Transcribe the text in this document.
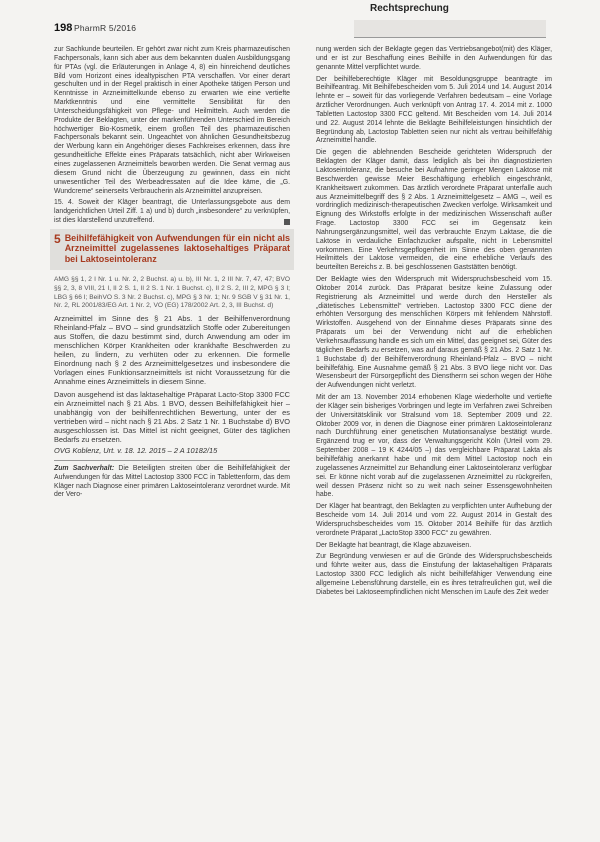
198 PharmR 5/2016
Rechtsprechung

zur Sachkunde beurteilen. Er gehört zwar nicht zum Kreis pharmazeutischen Fachpersonals, kann sich aber aus dem bekannten dualen Ausbildungsgang für PTAs (vgl. die Erläuterungen in Anlage 4, 8) ein hinreichend deutliches Bild vom Horizont eines idealtypischen PTA verschaffen. Vor einer derart geschulten und in der Regel praktisch in einer Apotheke tätigen Person und Kenntnisse in Arzneimittelkunde ebenso zu erwarten wie eine vertiefte Marktkenntnis und eine vermittelte Sensibilität für den Unterscheidungsfähigkeit von Pflege- und Heilmitteln. Auch werden die Produkte der Beklagten, unter der markenführenden Unterschied im Bereich höchwertiger Bio-Kosmetik, einem großen Teil des pharmazeutischen Fachpersonals bekannt sein. Ungeachtet von ähnlichen Gesundheitsbezug der Werbung kann ein Angehöriger dieses Fachkreises erkennen, dass ihre gesundheitliche Effekte eines Präparats tatsächlich, nicht aber Wirkweisen eines zugelassenen Arzneimittels beworben werden. Die Senat vermag aus diesem Grund nicht die Überzeugung zu gewinnen, dass ein nicht unwesentlicher Teil des Werbeadressaten auf die Idee käme, die „G. Wundcreme“ seinerseits Verbraucherin als Arzneimittel anzupreisen.

15. 4. Soweit der Kläger beantragt, die Unterlassungsgebote aus dem landgerichtlichen Urteil Ziff. 1 a) und b) durch „insbesondere“ zu verknüpfen, ist dies klarstellend unzutreffend.

5 Beihilfefähigkeit von Aufwendungen für ein nicht als Arzneimittel zugelassenes laktosehaltiges Präparat bei Laktoseintoleranz

AMG §§ 1, 2 I Nr. 1 u. Nr. 2, 2 Buchst. a) u. b), III Nr. 1, 2 III Nr. 7, 47, 47; BVO §§ 2, 3, 8 VIII, 21 I, II 2 S. 1, II 2 S. 1 Nr. 1 Buchst. c), II 2 S. 2, III 2, MPG § 3 I; LBG § 66 I; BeihVO S. 3 Nr. 2 Buchst. c), MPG § 3 Nr. 1; Nr. 9 SGB V § 31 Nr. 1, Nr. 2, RL 2001/83/EG Art. 1 Nr. 2, VO (EG) 178/2002 Art. 2, 3, III Buchst. d)

Arzneimittel im Sinne des § 21 Abs. 1 der Beihilfenverordnung Rheinland-Pfalz – BVO – sind grundsätzlich Stoffe oder Zubereitungen aus Stoffen, die dazu bestimmt sind, durch Anwendung am oder im menschlichen Körper Krankheiten oder krankhafte Beschwerden zu heilen, zu lindern, zu verhüten oder zu erkennen. Die formelle Einordnung nach § 2 des Arzneimittelgesetzes und insbesondere die Vorlagen eines Funktionsarzneimittels ist nicht Voraussetzung für die Annahme eines Arzneimittels in diesem Sinne.

Davon ausgehend ist das laktasehaltige Präparat Lacto-Stop 3300 FCC ein Arzneimittel nach § 21 Abs. 1 BVO, dessen Beihilfefähigkeit hier – unabhängig von der beihilfenrechtlichen Bewertung, unter der es vertrieben wird – nicht nach § 21 Abs. 2 Satz 1 Nr. 1 Buchstabe d) BVO ausgeschlossen ist. Das Mittel ist nicht geeignet, Güter des täglichen Bedarfs zu ersetzen.

OVG Koblenz, Urt. v. 18. 12. 2015 – 2 A 10182/15

Zum Sachverhalt: Die Beteiligten streiten über die Beihilfefähigkeit der Aufwendungen für das Mittel Lactostop 3300 FCC in Tablettenform, das dem Kläger nach Diagnose einer primären Laktoseintoleranz verordnet wurde. Mit der Vero-

nung werden sich der Beklagte gegen das Vertriebsangebot(mit) des Kläger, und er ist zur Beschaffung eines Beihilfe in den Aufwendungen für das genannte Mittel verpflichtet wurde.

Der beihilfeberechtigte Kläger mit Besoldungsgruppe beantragte im Beihilfeantrag. Mit Beihilfebescheiden vom 5. Juli 2014 und 14. August 2014 lehnte er – soweit für das vorliegende Verfahren bedeutsam – eine Vorlage ärztlicher Verordnungen. Auch verknüpft von Antrag 17. 4. 2014 mit z. 1000 Tabletten Lactostop 3300 FCC geltend. Mit Bescheiden vom 14. Juli 2014 und 22. August 2014 lehnte die Beklagte Beihilfeleistungen hinsichtlich der Begründung ab, Lactostop Tabletten seien nur nicht als vertrau beihilfefähig Arzneimittel handle.

Die gegen die ablehnenden Bescheide gerichteten Widerspruch der Beklagten der Kläger damit, dass lediglich als bei ihn diagnostizierten Laktoseintoleranz, die besuche bei Aufnahme geringer Mengen Laktose mit Beschwerden gewisse Meier Beschäftigung erheblich eingeschränkt, Krankheitswert zukommen. Das ärztlich verordnete Präparat unterfalle auch aus Arzneimittelbegriff des § 2 Abs. 1 Arzneimittelgesetz – AMG –, weil es vordringlich medizinisch-therapeutischen Zwecken verfolge. Wirksamkeit und Eignung des Wirkstoffs erfolgte in der medizinischen Wissenschaft außer Frage. Lactostop 3300 FCC sei im Gegensatz kein Nahrungsergänzungsmittel, weil das verbrauchte Enzym Laktase, die die Laktose in verdauliche Einfachzucker aufspalte, nicht in Lebensmittel vorkommen. Eine Verkehrsgepflogenheit im Sinne des oben genannten Heilmittels der Laktose vermeiden, die eine erhebliche Verlaufs des beurteilten Bereichs z. B. bei geschlossenen Gaststätten benötigt.

Der Beklagte wies den Widerspruch mit Widerspruchsbescheid vom 15. Oktober 2014 zurück. Das Präparat besitze keine Zulassung oder Registrierung als Arzneimittel und werde durch den Hersteller als „diätetisches Lebensmittel“ vertrieben. Lactostop 3300 FCC diene der erhöhten Versorgung des menschlichen Körpers mit fehlendem Nährstoff. Wirkstoffen. Ausgehend von der Einnahme dieses Präparats sinne des Präparats um bei der Verwendung nicht auf die erheblichen Verkehrsauffassung handle es sich um ein Mittel, das geeignet sei, Güter des täglichen Bedarfs zu ersetzen, was auf daraus gemäß § 21 Abs. 2 Satz 1 Nr. 1 Buchstabe d) der Beihilfenverordnung Rheinland-Pfalz – BVO – nicht beihilfefähig. Eine Ausnahme gemäß § 21 Abs. 3 BVO liege nicht vor. Das Wesensbeurt der Fürsorgepflicht des Dienstherrn sei schon wegen der Höhe der Aufwendungen nicht verletzt.

Mit der am 13. November 2014 erhobenen Klage wiederholte und vertiefte der Kläger sein bisheriges Vorbringen und legte im Verfahren zwei Schreiben der Universitätsklinik vor Stralsund vom 18. September 2009 und 22. Oktober 2009 vor, in denen die Diagnose einer primären Laktoseintoleranz nach Durchführung einer genetischen Mutationsanalyse bestätigt wurde. Ergänzend trug er vor, dass der Verwaltungsgericht Köln (Urteil vom 29. September 2008 – 19 K 4244/05 –) das vergleichbare Präparat Lakta als beihilfefähig anerkannt habe und mit dem Mittel Lactostop noch ein zugelassenes Arzneimittel zur Behandlung einer Laktoseintoleranz verfügbar sei. Er könne nicht vorab auf die zugelassenen Arzneimittel zu rückgreifen, weil dessen Präsenz nicht so zu weit nach seiner Essensgewohnheiten habe.

Der Kläger hat beantragt, den Beklagten zu verpflichten unter Aufhebung der Bescheide vom 14. Juli 2014 und vom 22. August 2014 in Gestalt des Widerspruchsbescheides vom 15. Oktober 2014 Beihilfe für das ärztlich verordnete Präparat „LactoStop 3300 FCC“ zu gewähren.

Der Beklagte hat beantragt, die Klage abzuweisen.

Zur Begründung verwiesen er auf die Gründe des Widerspruchsbescheids und führte weiter aus, dass die Einstufung der laktasehaltigen Präparats Lactostop 3300 FCC lediglich als nicht beihilfefähiger Verwendung eine allgemeine Lebensführung darstelle, ein es ihres tetrafreulichen gut, weil die Diabetes bei Laktoseempfindlichen nicht Menschen im Laufe des Zeit weder
